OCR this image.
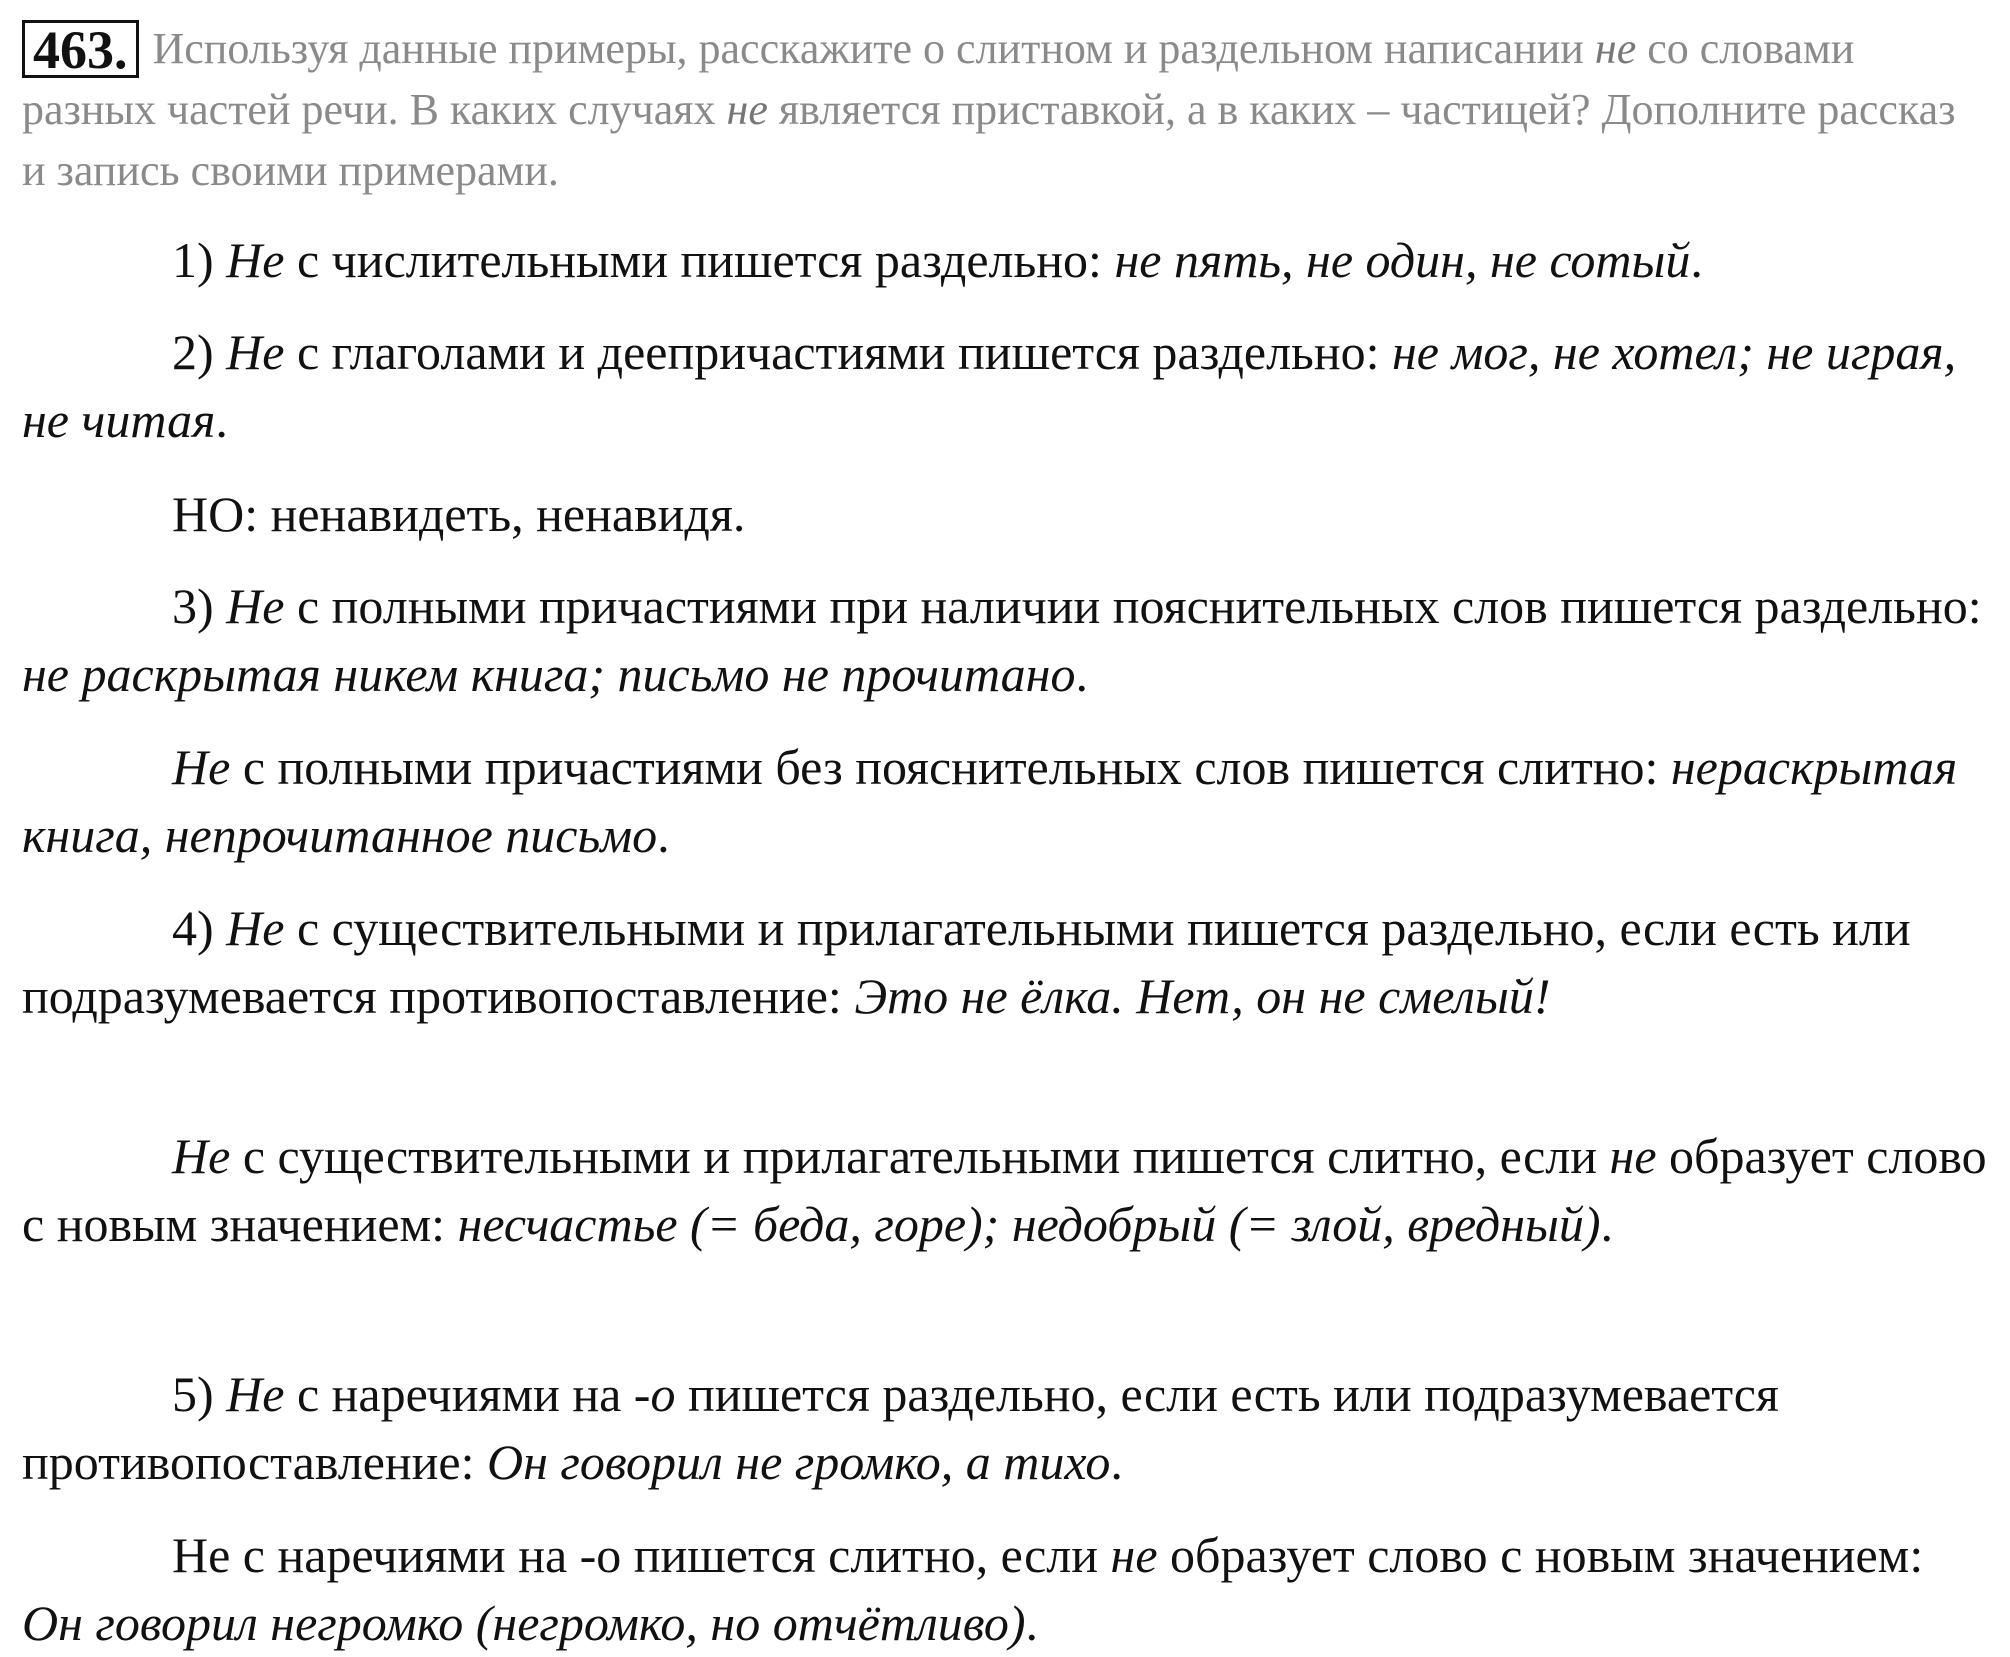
463. Используя данные примеры, расскажите о слитном и раздельном написании не со словами разных частей речи. В каких случаях не является приставкой, а в каких – частицей? Дополните рассказ и запись своими примерами.
1) Не с числительными пишется раздельно: не пять, не один, не сотый.
2) Не с глаголами и деепричастиями пишется раздельно: не мог, не хотел; не играя, не читая.
НО: ненавидеть, ненавидя.
3) Не с полными причастиями при наличии пояснительных слов пишется раздельно: не раскрытая никем книга; письмо не прочитано.
Не с полными причастиями без пояснительных слов пишется слитно: нераскрытая книга, непрочитанное письмо.
4) Не с существительными и прилагательными пишется раздельно, если есть или подразумевается противопоставление: Это не ёлка. Нет, он не смелый!
Не с существительными и прилагательными пишется слитно, если не образует слово с новым значением: несчастье (= беда, горе); недобрый (= злой, вредный).
5) Не с наречиями на -о пишется раздельно, если есть или подразумевается противопоставление: Он говорил не громко, а тихо.
Не с наречиями на -о пишется слитно, если не образует слово с новым значением: Он говорил негромко (негромко, но отчётливо).
